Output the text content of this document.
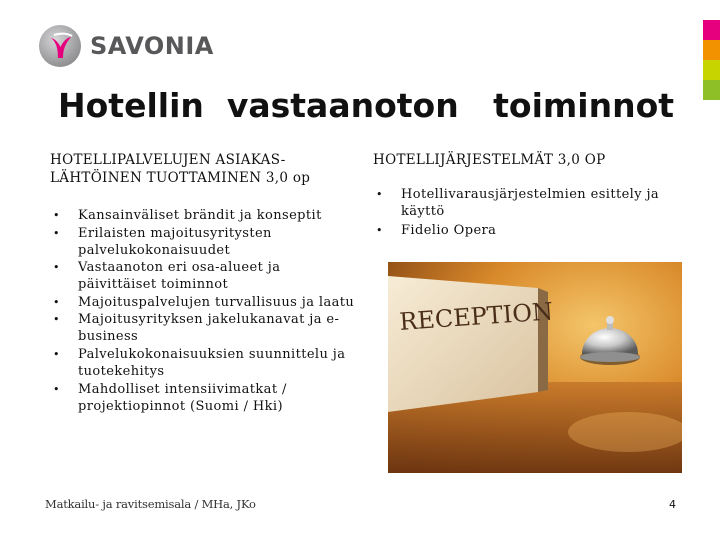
SAVONIA
Hotellin  vastaanoton   toiminnot
HOTELLIPALVELUJEN ASIAKAS-
LÄHTÖINEN TUOTTAMINEN 3,0 op
• Kansainväliset brändit ja konseptit
• Erilaisten majoitusyritysten palvelukokonaisuudet
• Vastaanoton eri osa-alueet ja päivittäiset toiminnot
• Majoituspalvelujen turvallisuus ja laatu
• Majoitusyrityksen jakelukanavat ja e-business
• Palvelukokonaisuuksien suunnittelu ja tuotekehitys
• Mahdolliset intensiivimatkat / projektiopinnot (Suomi / Hki)
HOTELLIJÄRJESTELMÄT 3,0 OP
• Hotellivarausjärjestelmien esittely ja käyttö
• Fidelio Opera
RECEPTION
Matkailu- ja ravitsemisala / MHa, JKo	4
